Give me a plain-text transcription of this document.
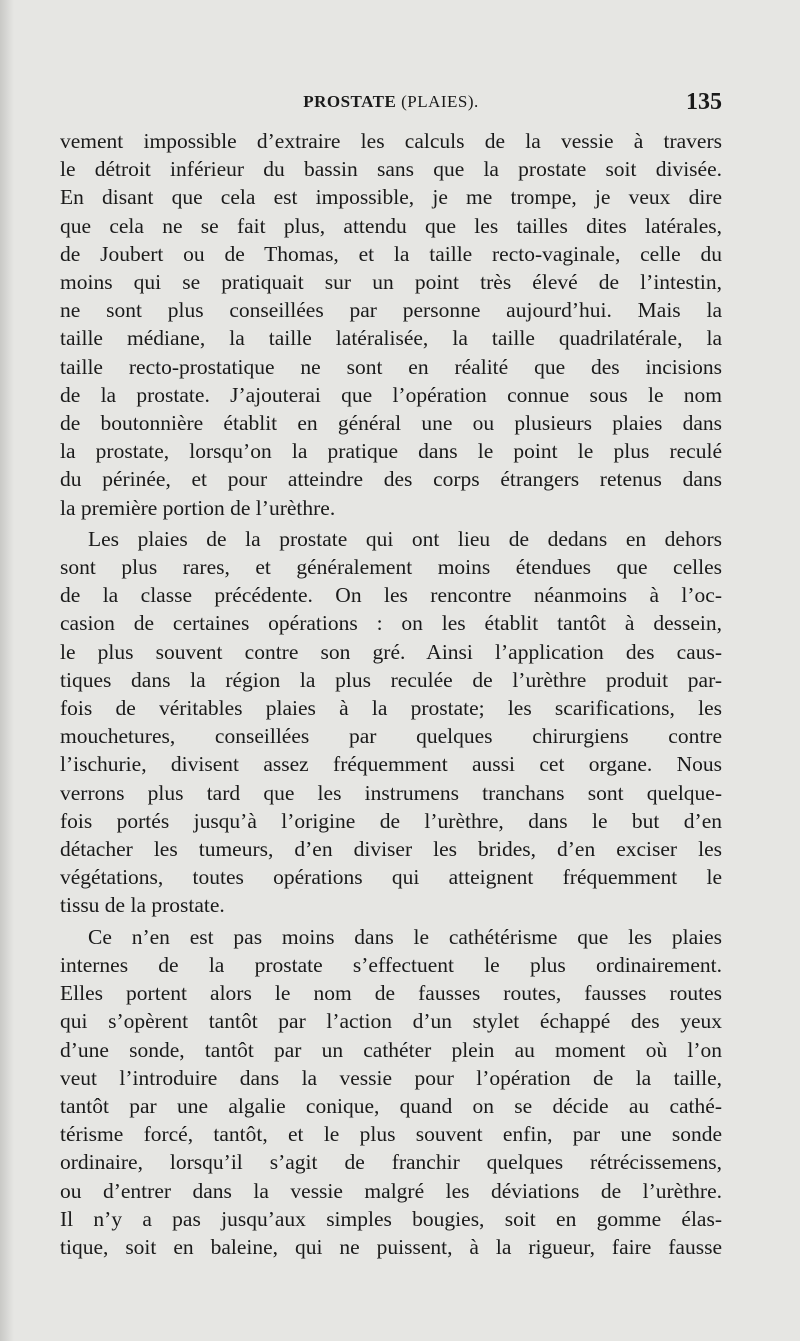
PROSTATE (PLAIES).	135
vement impossible d’extraire les calculs de la vessie à travers
le détroit inférieur du bassin sans que la prostate soit divisée.
En disant que cela est impossible, je me trompe, je veux dire
que cela ne se fait plus, attendu que les tailles dites latérales,
de Joubert ou de Thomas, et la taille recto-vaginale, celle du
moins qui se pratiquait sur un point très élevé de l’intestin,
ne sont plus conseillées par personne aujourd’hui. Mais la
taille médiane, la taille latéralisée, la taille quadrilatérale, la
taille recto-prostatique ne sont en réalité que des incisions
de la prostate. J’ajouterai que l’opération connue sous le nom
de boutonnière établit en général une ou plusieurs plaies dans
la prostate, lorsqu’on la pratique dans le point le plus reculé
du périnée, et pour atteindre des corps étrangers retenus dans
la première portion de l’urèthre.
Les plaies de la prostate qui ont lieu de dedans en dehors
sont plus rares, et généralement moins étendues que celles
de la classe précédente. On les rencontre néanmoins à l’oc-
casion de certaines opérations : on les établit tantôt à dessein,
le plus souvent contre son gré. Ainsi l’application des caus-
tiques dans la région la plus reculée de l’urèthre produit par-
fois de véritables plaies à la prostate; les scarifications, les
mouchetures, conseillées par quelques chirurgiens contre
l’ischurie, divisent assez fréquemment aussi cet organe. Nous
verrons plus tard que les instrumens tranchans sont quelque-
fois portés jusqu’à l’origine de l’urèthre, dans le but d’en
détacher les tumeurs, d’en diviser les brides, d’en exciser les
végétations, toutes opérations qui atteignent fréquemment le
tissu de la prostate.
Ce n’en est pas moins dans le cathétérisme que les plaies
internes de la prostate s’effectuent le plus ordinairement.
Elles portent alors le nom de fausses routes, fausses routes
qui s’opèrent tantôt par l’action d’un stylet échappé des yeux
d’une sonde, tantôt par un cathéter plein au moment où l’on
veut l’introduire dans la vessie pour l’opération de la taille,
tantôt par une algalie conique, quand on se décide au cathé-
térisme forcé, tantôt, et le plus souvent enfin, par une sonde
ordinaire, lorsqu’il s’agit de franchir quelques rétrécissemens,
ou d’entrer dans la vessie malgré les déviations de l’urèthre.
Il n’y a pas jusqu’aux simples bougies, soit en gomme élas-
tique, soit en baleine, qui ne puissent, à la rigueur, faire fausse
